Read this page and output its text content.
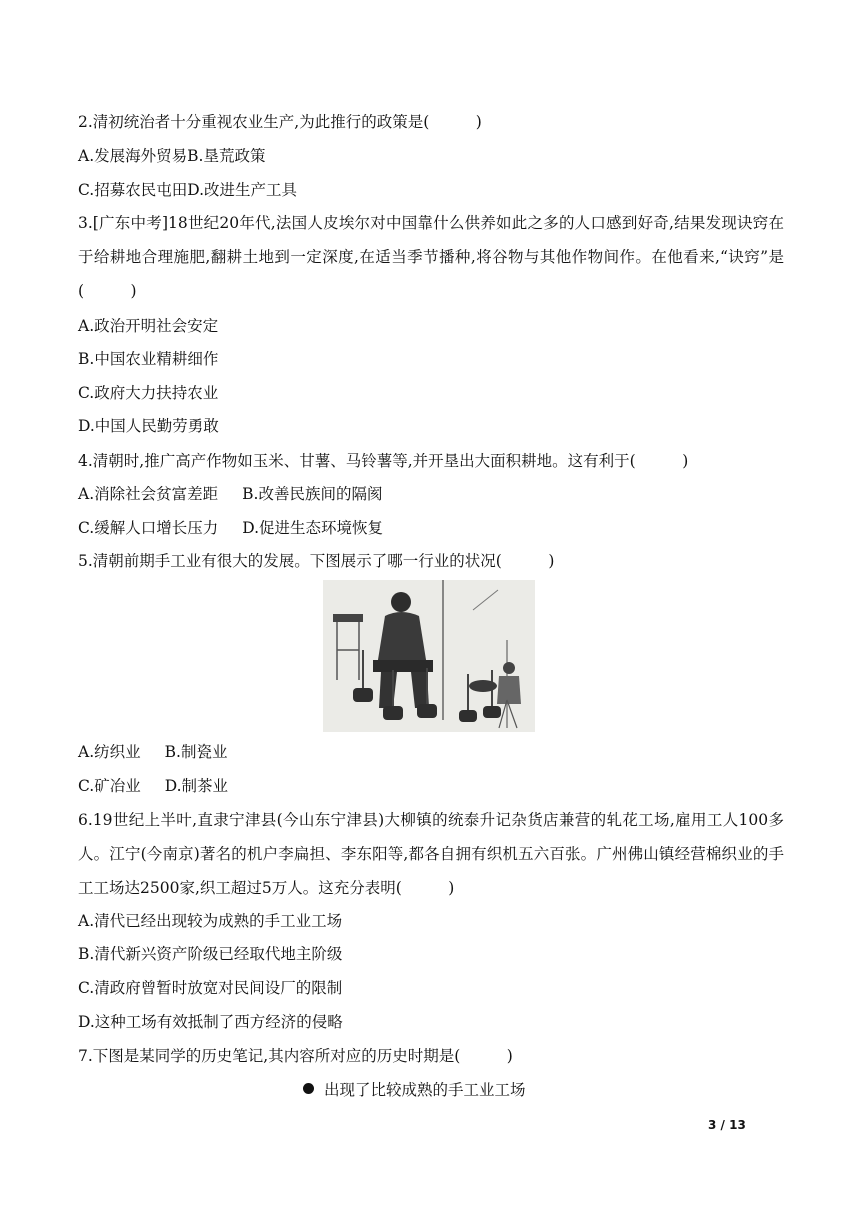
2.清初统治者十分重视农业生产,为此推行的政策是(　　　)
A.发展海外贸易B.垦荒政策
C.招募农民屯田D.改进生产工具
3.[广东中考]18世纪20年代,法国人皮埃尔对中国靠什么供养如此之多的人口感到好奇,结果发现诀窍在于给耕地合理施肥,翻耕土地到一定深度,在适当季节播种,将谷物与其他作物间作。在他看来,“诀窍”是(　　　)
A.政治开明社会安定
B.中国农业精耕细作
C.政府大力扶持农业
D.中国人民勤劳勇敢
4.清朝时,推广高产作物如玉米、甘薯、马铃薯等,并开垦出大面积耕地。这有利于(　　　)
A.消除社会贫富差距 B.改善民族间的隔阂
C.缓解人口增长压力 D.促进生态环境恢复
5.清朝前期手工业有很大的发展。下图展示了哪一行业的状况(　　　)
A.纺织业 B.制瓷业
C.矿冶业 D.制茶业
6.19世纪上半叶,直隶宁津县(今山东宁津县)大柳镇的统泰升记杂货店兼营的轧花工场,雇用工人100多人。江宁(今南京)著名的机户李扁担、李东阳等,都各自拥有织机五六百张。广州佛山镇经营棉织业的手工工场达2500家,织工超过5万人。这充分表明(　　　)
A.清代已经出现较为成熟的手工业工场
B.清代新兴资产阶级已经取代地主阶级
C.清政府曾暂时放宽对民间设厂的限制
D.这种工场有效抵制了西方经济的侵略
7.下图是某同学的历史笔记,其内容所对应的历史时期是(　　　)
出现了比较成熟的手工业工场
3 / 13
